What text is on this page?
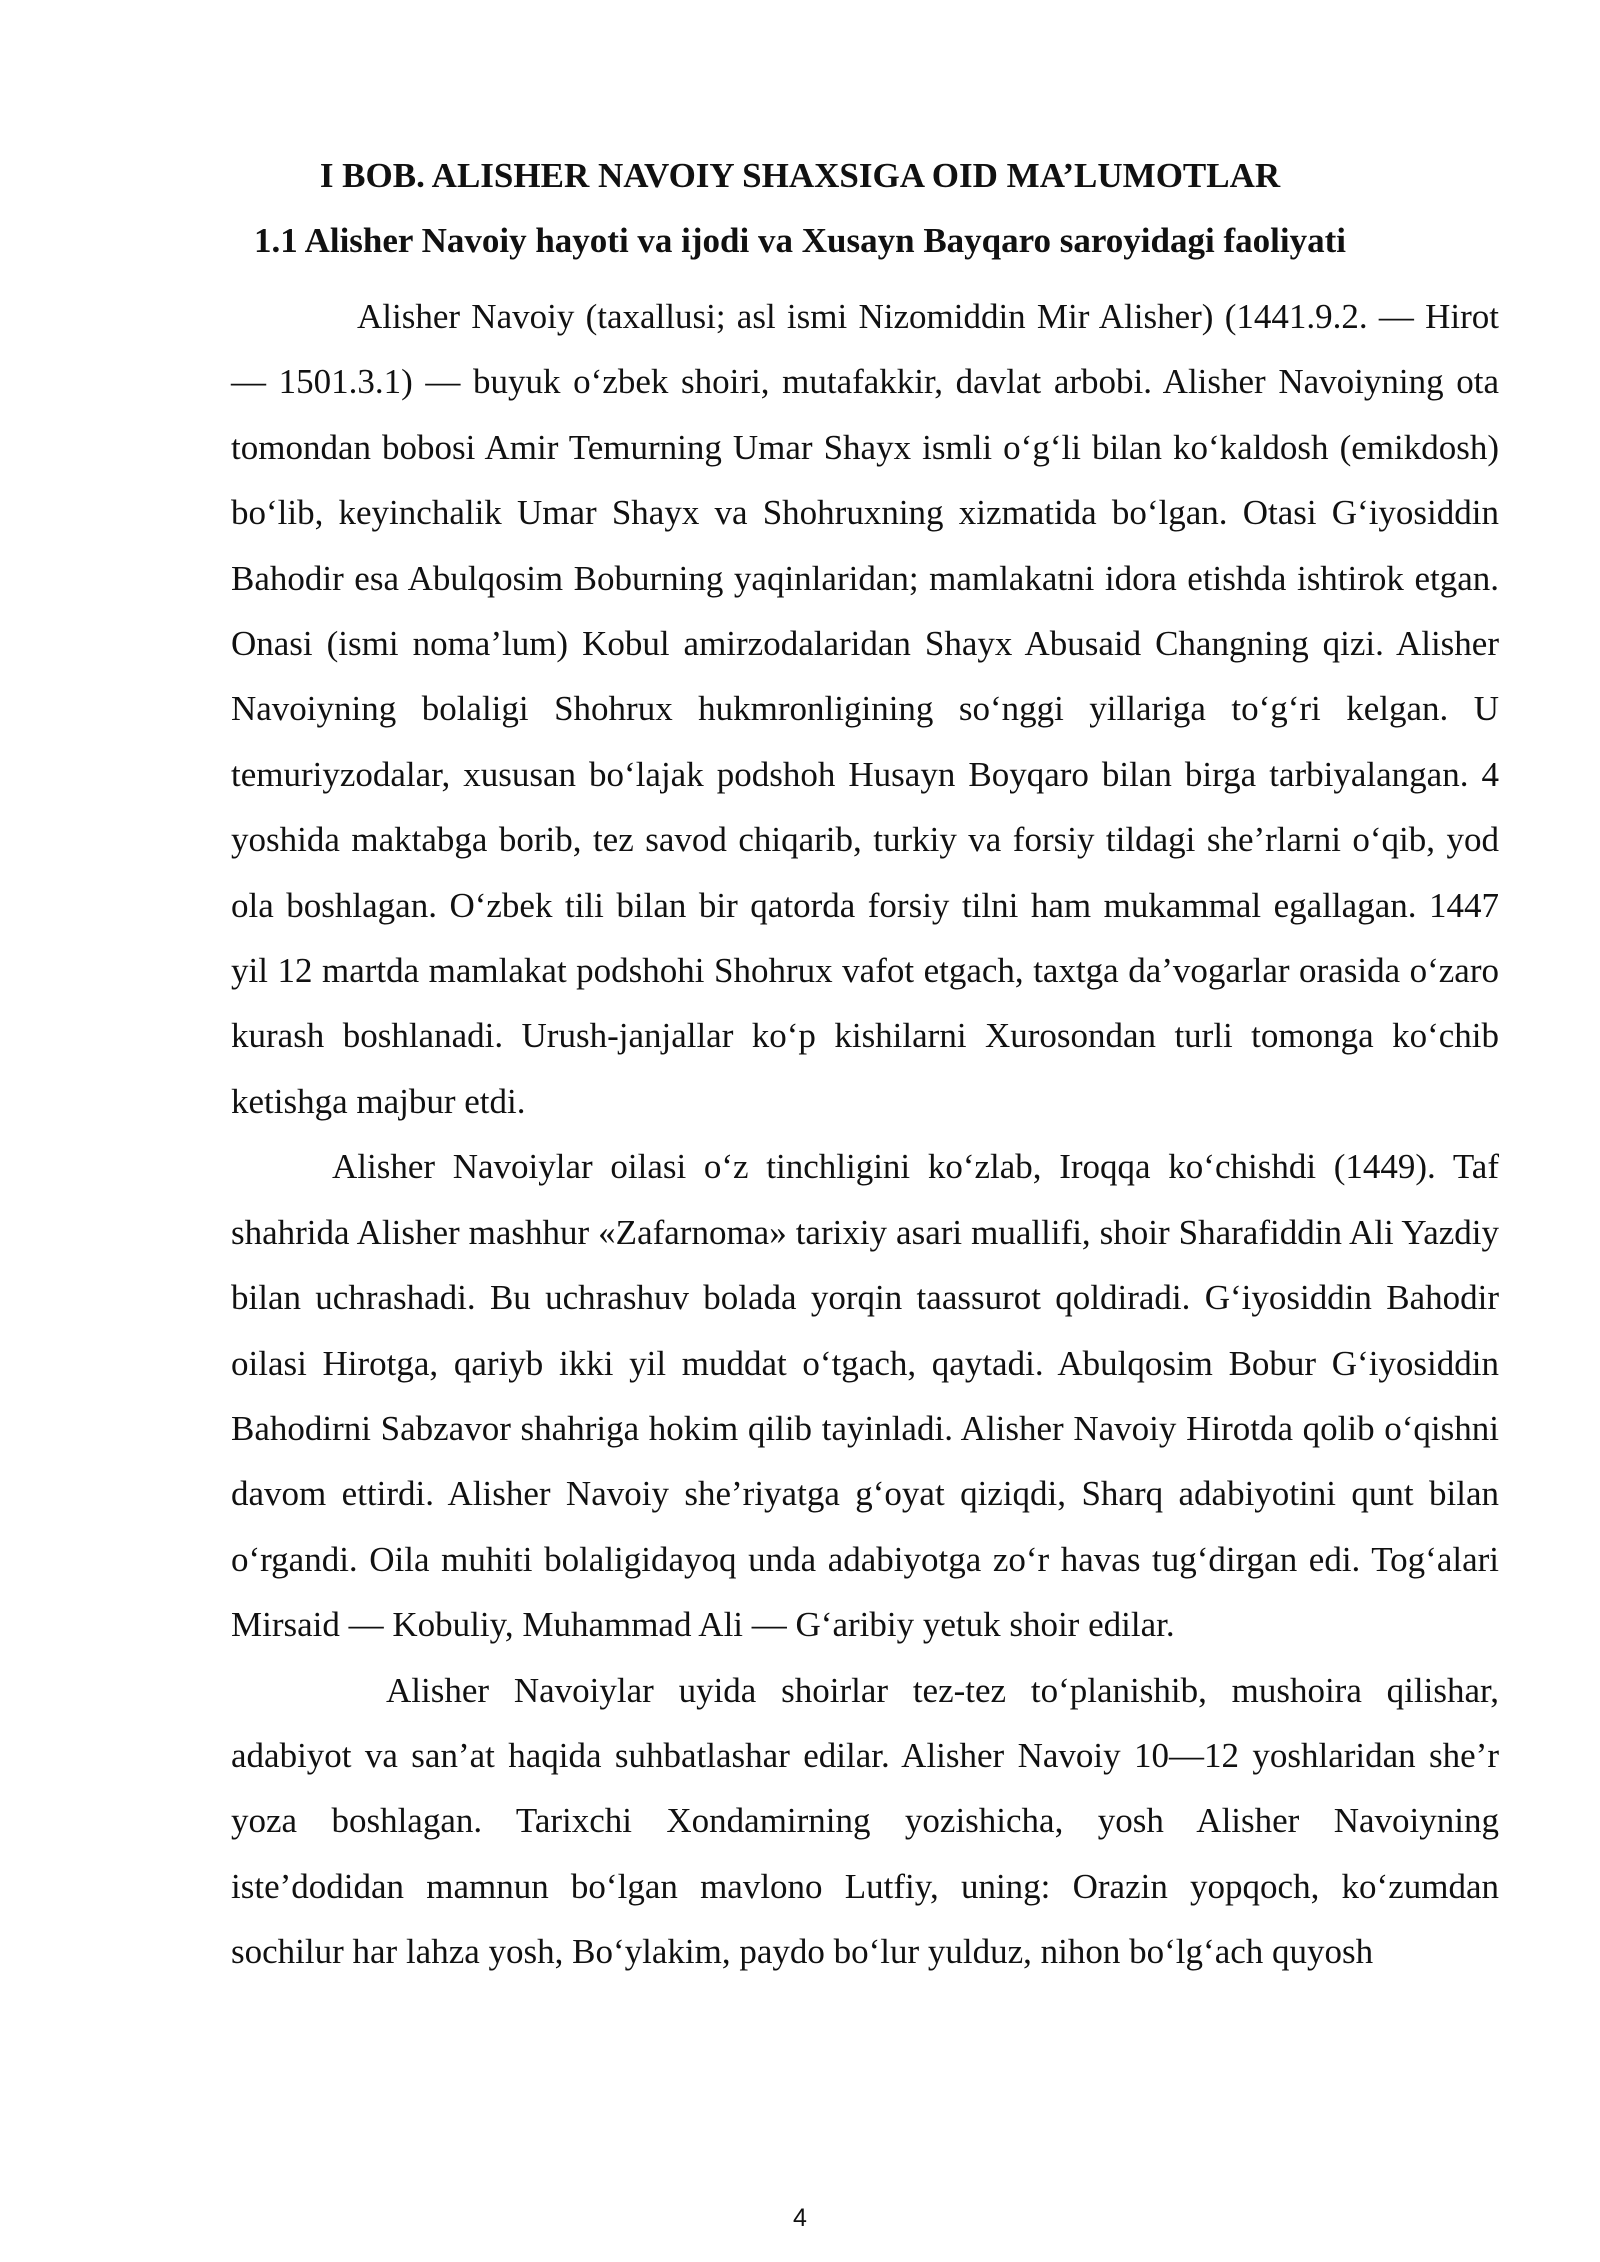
I BOB. ALISHER NAVOIY SHAXSIGA OID MA’LUMOTLAR
1.1 Alisher Navoiy hayoti va ijodi va Xusayn Bayqaro saroyidagi faoliyati

Alisher Navoiy (taxallusi; asl ismi Nizomiddin Mir Alisher) (1441.9.2. — Hirot — 1501.3.1) — buyuk o‘zbek shoiri, mutafakkir, davlat arbobi. Alisher Navoiyning ota tomondan bobosi Amir Temurning Umar Shayx ismli o‘g‘li bilan ko‘kaldosh (emikdosh) bo‘lib, keyinchalik Umar Shayx va Shohruxning xizmatida bo‘lgan. Otasi G‘iyosiddin Bahodir esa Abulqosim Boburning yaqinlaridan; mamlakatni idora etishda ishtirok etgan. Onasi (ismi noma’lum) Kobul amirzodalaridan Shayx Abusaid Changning qizi. Alisher Navoiyning bolaligi Shohrux hukmronligining so‘nggi yillariga to‘g‘ri kelgan. U temuriyzodalar, xususan bo‘lajak podshoh Husayn Boyqaro bilan birga tarbiyalangan. 4 yoshida maktabga borib, tez savod chiqarib, turkiy va forsiy tildagi she’rlarni o‘qib, yod ola boshlagan. O‘zbek tili bilan bir qatorda forsiy tilni ham mukammal egallagan. 1447 yil 12 martda mamlakat podshohi Shohrux vafot etgach, taxtga da’vogarlar orasida o‘zaro kurash boshlanadi. Urush-janjallar ko‘p kishilarni Xurosondan turli tomonga ko‘chib ketishga majbur etdi.

Alisher Navoiylar oilasi o‘z tinchligini ko‘zlab, Iroqqa ko‘chishdi (1449). Taf shahrida Alisher mashhur «Zafarnoma» tarixiy asari muallifi, shoir Sharafiddin Ali Yazdiy bilan uchrashadi. Bu uchrashuv bolada yorqin taassurot qoldiradi. G‘iyosiddin Bahodir oilasi Hirotga, qariyb ikki yil muddat o‘tgach, qaytadi. Abulqosim Bobur G‘iyosiddin Bahodirni Sabzavor shahriga hokim qilib tayinladi. Alisher Navoiy Hirotda qolib o‘qishni davom ettirdi. Alisher Navoiy she’riyatga g‘oyat qiziqdi, Sharq adabiyotini qunt bilan o‘rgandi. Oila muhiti bolaligidayoq unda adabiyotga zo‘r havas tug‘dirgan edi. Tog‘alari Mirsaid — Kobuliy, Muhammad Ali — G‘aribiy yetuk shoir edilar.

Alisher Navoiylar uyida shoirlar tez-tez to‘planishib, mushoira qilishar, adabiyot va san’at haqida suhbatlashar edilar. Alisher Navoiy 10—12 yoshlaridan she’r yoza boshlagan. Tarixchi Xondamirning yozishicha, yosh Alisher Navoiyning iste’dodidan mamnun bo‘lgan mavlono Lutfiy, uning: Orazin yopqoch, ko‘zumdan sochilur har lahza yosh, Bo‘ylakim, paydo bo‘lur yulduz, nihon bo‘lg‘ach quyosh

4
